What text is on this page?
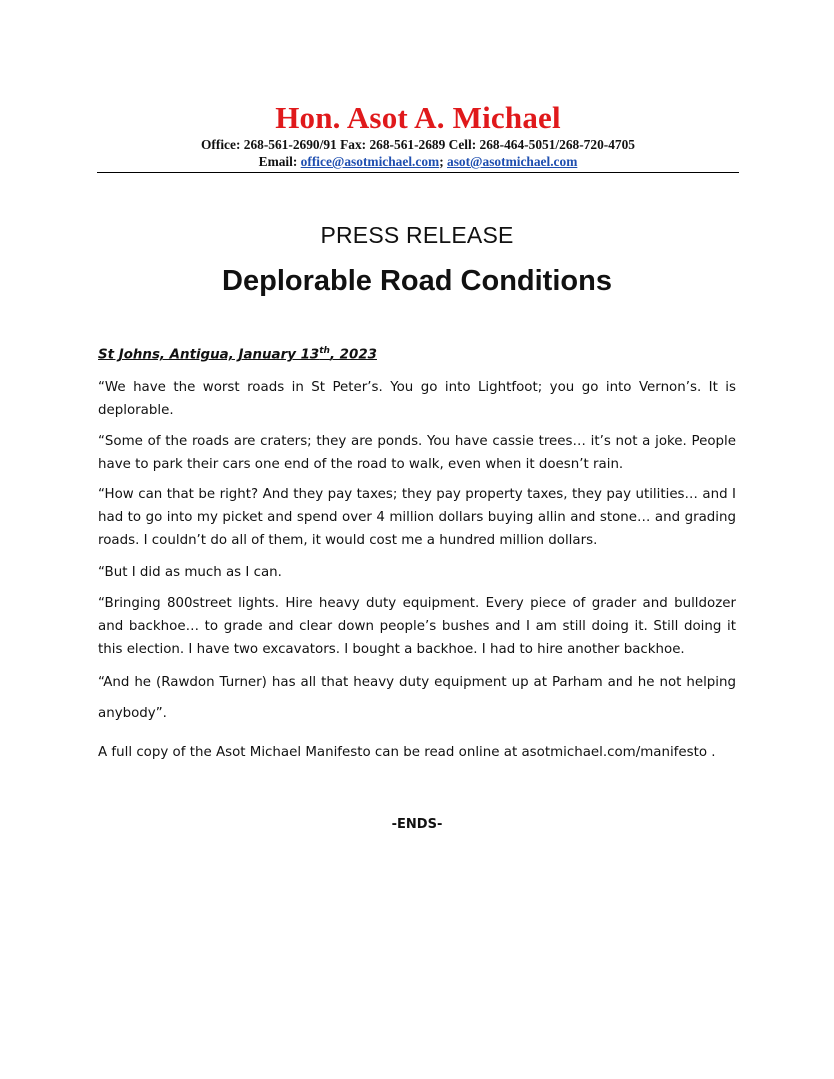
Hon. Asot A. Michael
Office: 268-561-2690/91 Fax: 268-561-2689 Cell: 268-464-5051/268-720-4705
Email: office@asotmichael.com; asot@asotmichael.com
PRESS RELEASE
Deplorable Road Conditions
St Johns, Antigua, January 13th, 2023

“We have the worst roads in St Peter’s. You go into Lightfoot; you go into Vernon’s. It is deplorable.

“Some of the roads are craters; they are ponds. You have cassie trees… it’s not a joke. People have to park their cars one end of the road to walk, even when it doesn’t rain.

“How can that be right? And they pay taxes; they pay property taxes, they pay utilities… and I had to go into my picket and spend over 4 million dollars buying allin and stone… and grading roads. I couldn’t do all of them, it would cost me a hundred million dollars.

“But I did as much as I can.

“Bringing 800street lights. Hire heavy duty equipment. Every piece of grader and bulldozer and backhoe… to grade and clear down people’s bushes and I am still doing it. Still doing it this election. I have two excavators. I bought a backhoe. I had to hire another backhoe.

“And he (Rawdon Turner) has all that heavy duty equipment up at Parham and he not helping anybody”.

A full copy of the Asot Michael Manifesto can be read online at asotmichael.com/manifesto .

-ENDS-
